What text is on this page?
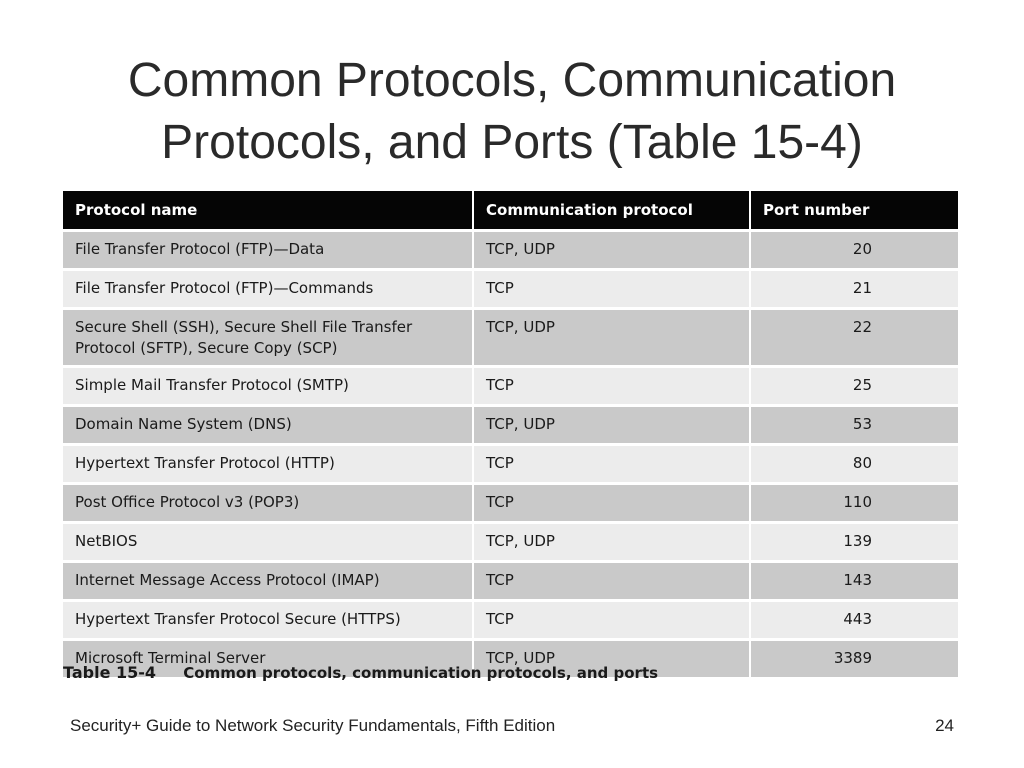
Common Protocols, Communication
Protocols, and Ports (Table 15-4)
Protocol name	Communication protocol	Port number
File Transfer Protocol (FTP)—Data	TCP, UDP	20
File Transfer Protocol (FTP)—Commands	TCP	21
Secure Shell (SSH), Secure Shell File Transfer Protocol (SFTP), Secure Copy (SCP)	TCP, UDP	22
Simple Mail Transfer Protocol (SMTP)	TCP	25
Domain Name System (DNS)	TCP, UDP	53
Hypertext Transfer Protocol (HTTP)	TCP	80
Post Office Protocol v3 (POP3)	TCP	110
NetBIOS	TCP, UDP	139
Internet Message Access Protocol (IMAP)	TCP	143
Hypertext Transfer Protocol Secure (HTTPS)	TCP	443
Microsoft Terminal Server	TCP, UDP	3389
Table 15-4 Common protocols, communication protocols, and ports
Security+ Guide to Network Security Fundamentals, Fifth Edition	24
